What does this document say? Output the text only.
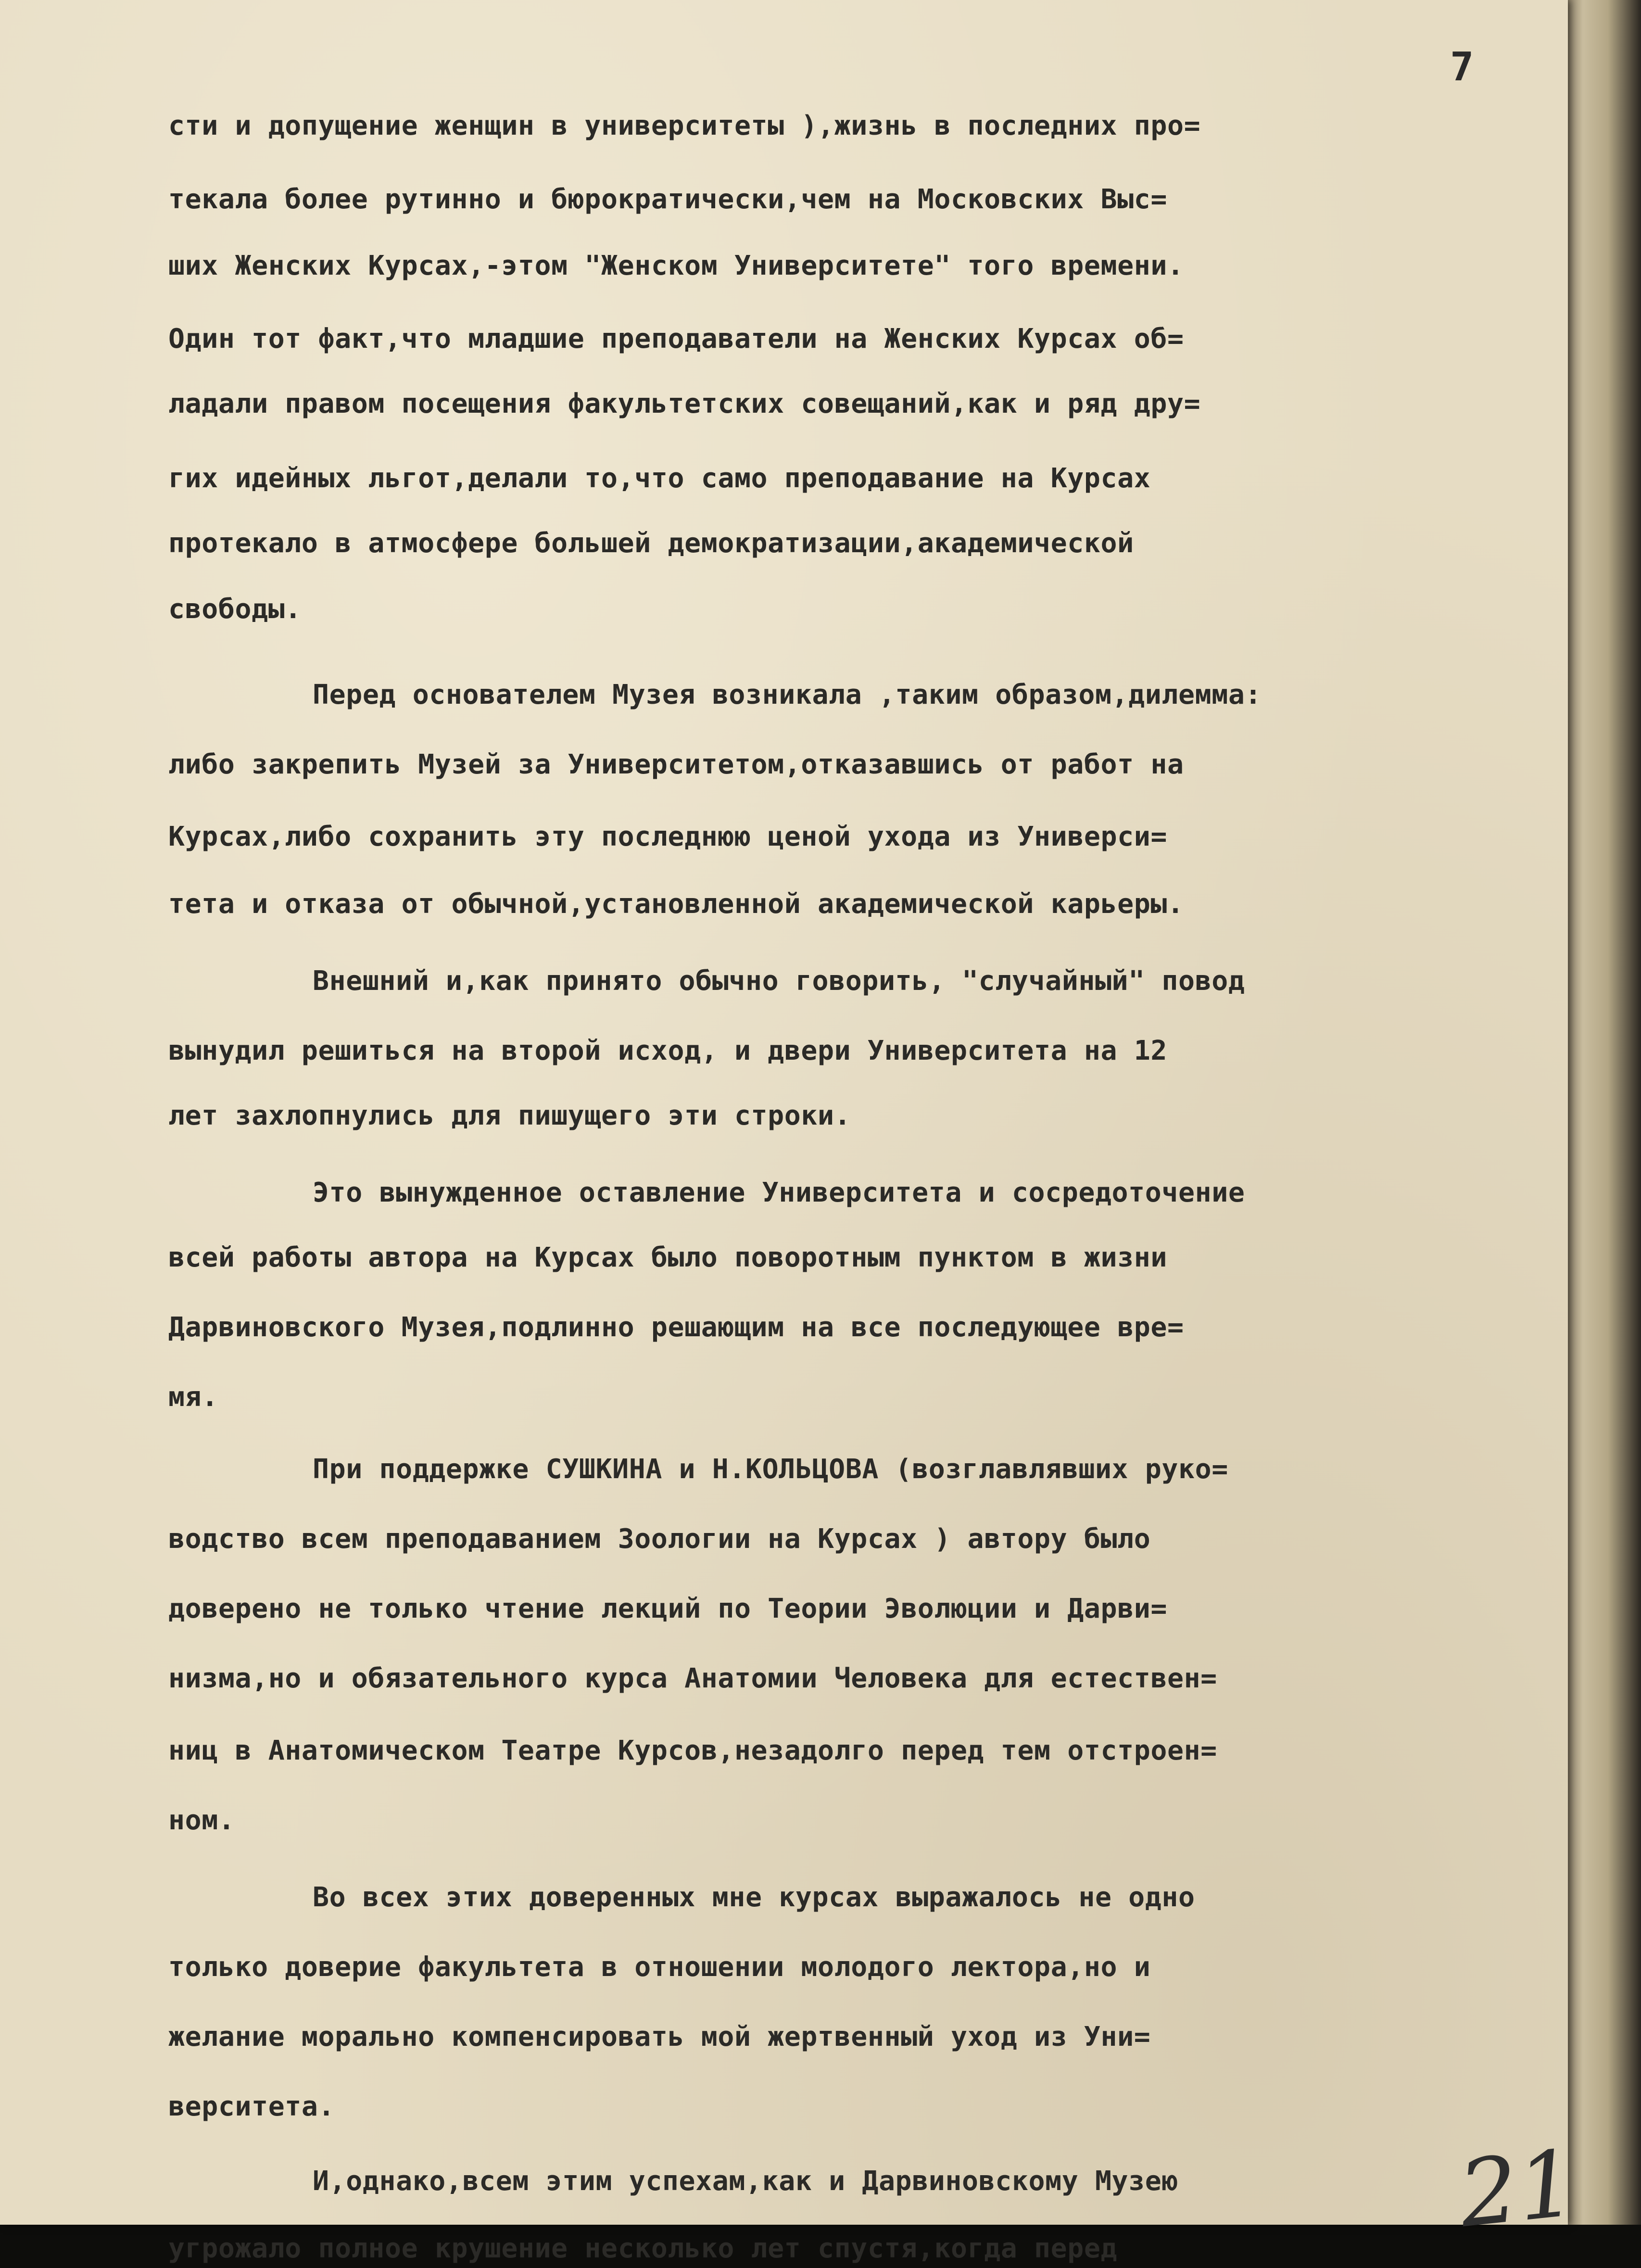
7
сти и допущение женщин в университеты ),жизнь в последних про=
текала более рутинно и бюрократически,чем на Московских Выс=
ших Женских Курсах,-этом "Женском Университете" того времени.
Один тот факт,что младшие преподаватели на Женских Курсах об=
ладали правом посещения факультетских совещаний,как и ряд дру=
гих идейных льгот,делали то,что само преподавание на Курсах
протекало в атмосфере большей демократизации,академической
свободы.
Перед основателем Музея возникала ,таким образом,дилемма:
либо закрепить Музей за Университетом,отказавшись от работ на
Курсах,либо сохранить эту последнюю ценой ухода из Универси=
тета и отказа от обычной,установленной академической карьеры.
Внешний и,как принято обычно говорить, "случайный" повод
вынудил решиться на второй исход, и двери Университета на 12
лет захлопнулись для пишущего эти строки.
Это вынужденное оставление Университета и сосредоточение
всей работы автора на Курсах было поворотным пунктом в жизни
Дарвиновского Музея,подлинно решающим на все последующее вре=
мя.
При поддержке СУШКИНА и Н.КОЛЬЦОВА (возглавлявших руко=
водство всем преподаванием Зоологии на Курсах ) автору было
доверено не только чтение лекций по Теории Эволюции и Дарви=
низма,но и обязательного курса Анатомии Человека для естествен=
ниц в Анатомическом Театре Курсов,незадолго перед тем отстроен=
ном.
Во всех этих доверенных мне курсах выражалось не одно
только доверие факультета в отношении молодого лектора,но и
желание морально компенсировать мой жертвенный уход из Уни=
верситета.
И,однако,всем этим успехам,как и Дарвиновскому Музею
угрожало полное крушение несколько лет спустя,когда перед
21
